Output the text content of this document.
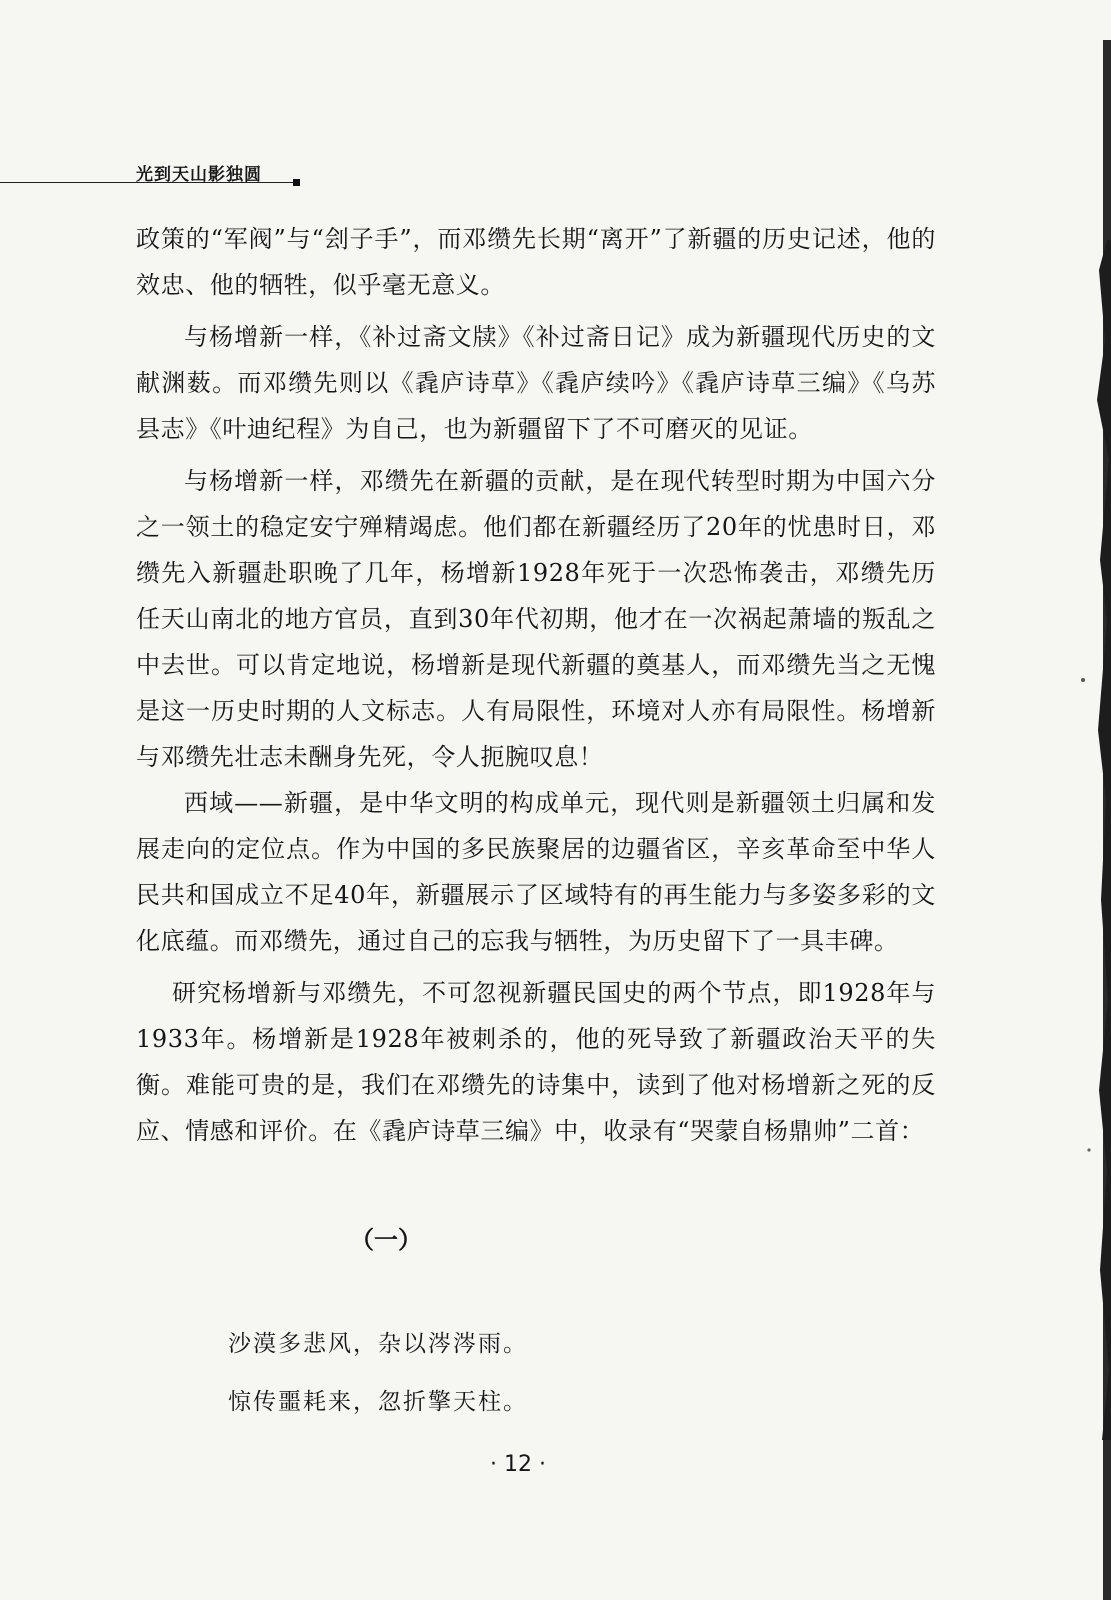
光到天山影独圆

政策的“军阀”与“刽子手”，而邓缵先长期“离开”了新疆的历史记述，他的效忠、他的牺牲，似乎毫无意义。

与杨增新一样，《补过斋文牍》《补过斋日记》成为新疆现代历史的文献渊薮。而邓缵先则以《毳庐诗草》《毳庐续吟》《毳庐诗草三编》《乌苏县志》《叶迪纪程》为自己，也为新疆留下了不可磨灭的见证。

与杨增新一样，邓缵先在新疆的贡献，是在现代转型时期为中国六分之一领土的稳定安宁殚精竭虑。他们都在新疆经历了20年的忧患时日，邓缵先入新疆赴职晚了几年，杨增新1928年死于一次恐怖袭击，邓缵先历任天山南北的地方官员，直到30年代初期，他才在一次祸起萧墙的叛乱之中去世。可以肯定地说，杨增新是现代新疆的奠基人，而邓缵先当之无愧是这一历史时期的人文标志。人有局限性，环境对人亦有局限性。杨增新与邓缵先壮志未酬身先死，令人扼腕叹息！

西域——新疆，是中华文明的构成单元，现代则是新疆领土归属和发展走向的定位点。作为中国的多民族聚居的边疆省区，辛亥革命至中华人民共和国成立不足40年，新疆展示了区域特有的再生能力与多姿多彩的文化底蕴。而邓缵先，通过自己的忘我与牺牲，为历史留下了一具丰碑。

研究杨增新与邓缵先，不可忽视新疆民国史的两个节点，即1928年与1933年。杨增新是1928年被刺杀的，他的死导致了新疆政治天平的失衡。难能可贵的是，我们在邓缵先的诗集中，读到了他对杨增新之死的反应、情感和评价。在《毳庐诗草三编》中，收录有“哭蒙自杨鼎帅”二首：

（一）
沙漠多悲风，杂以涔涔雨。
惊传噩耗来，忽折擎天柱。
· 12 ·
